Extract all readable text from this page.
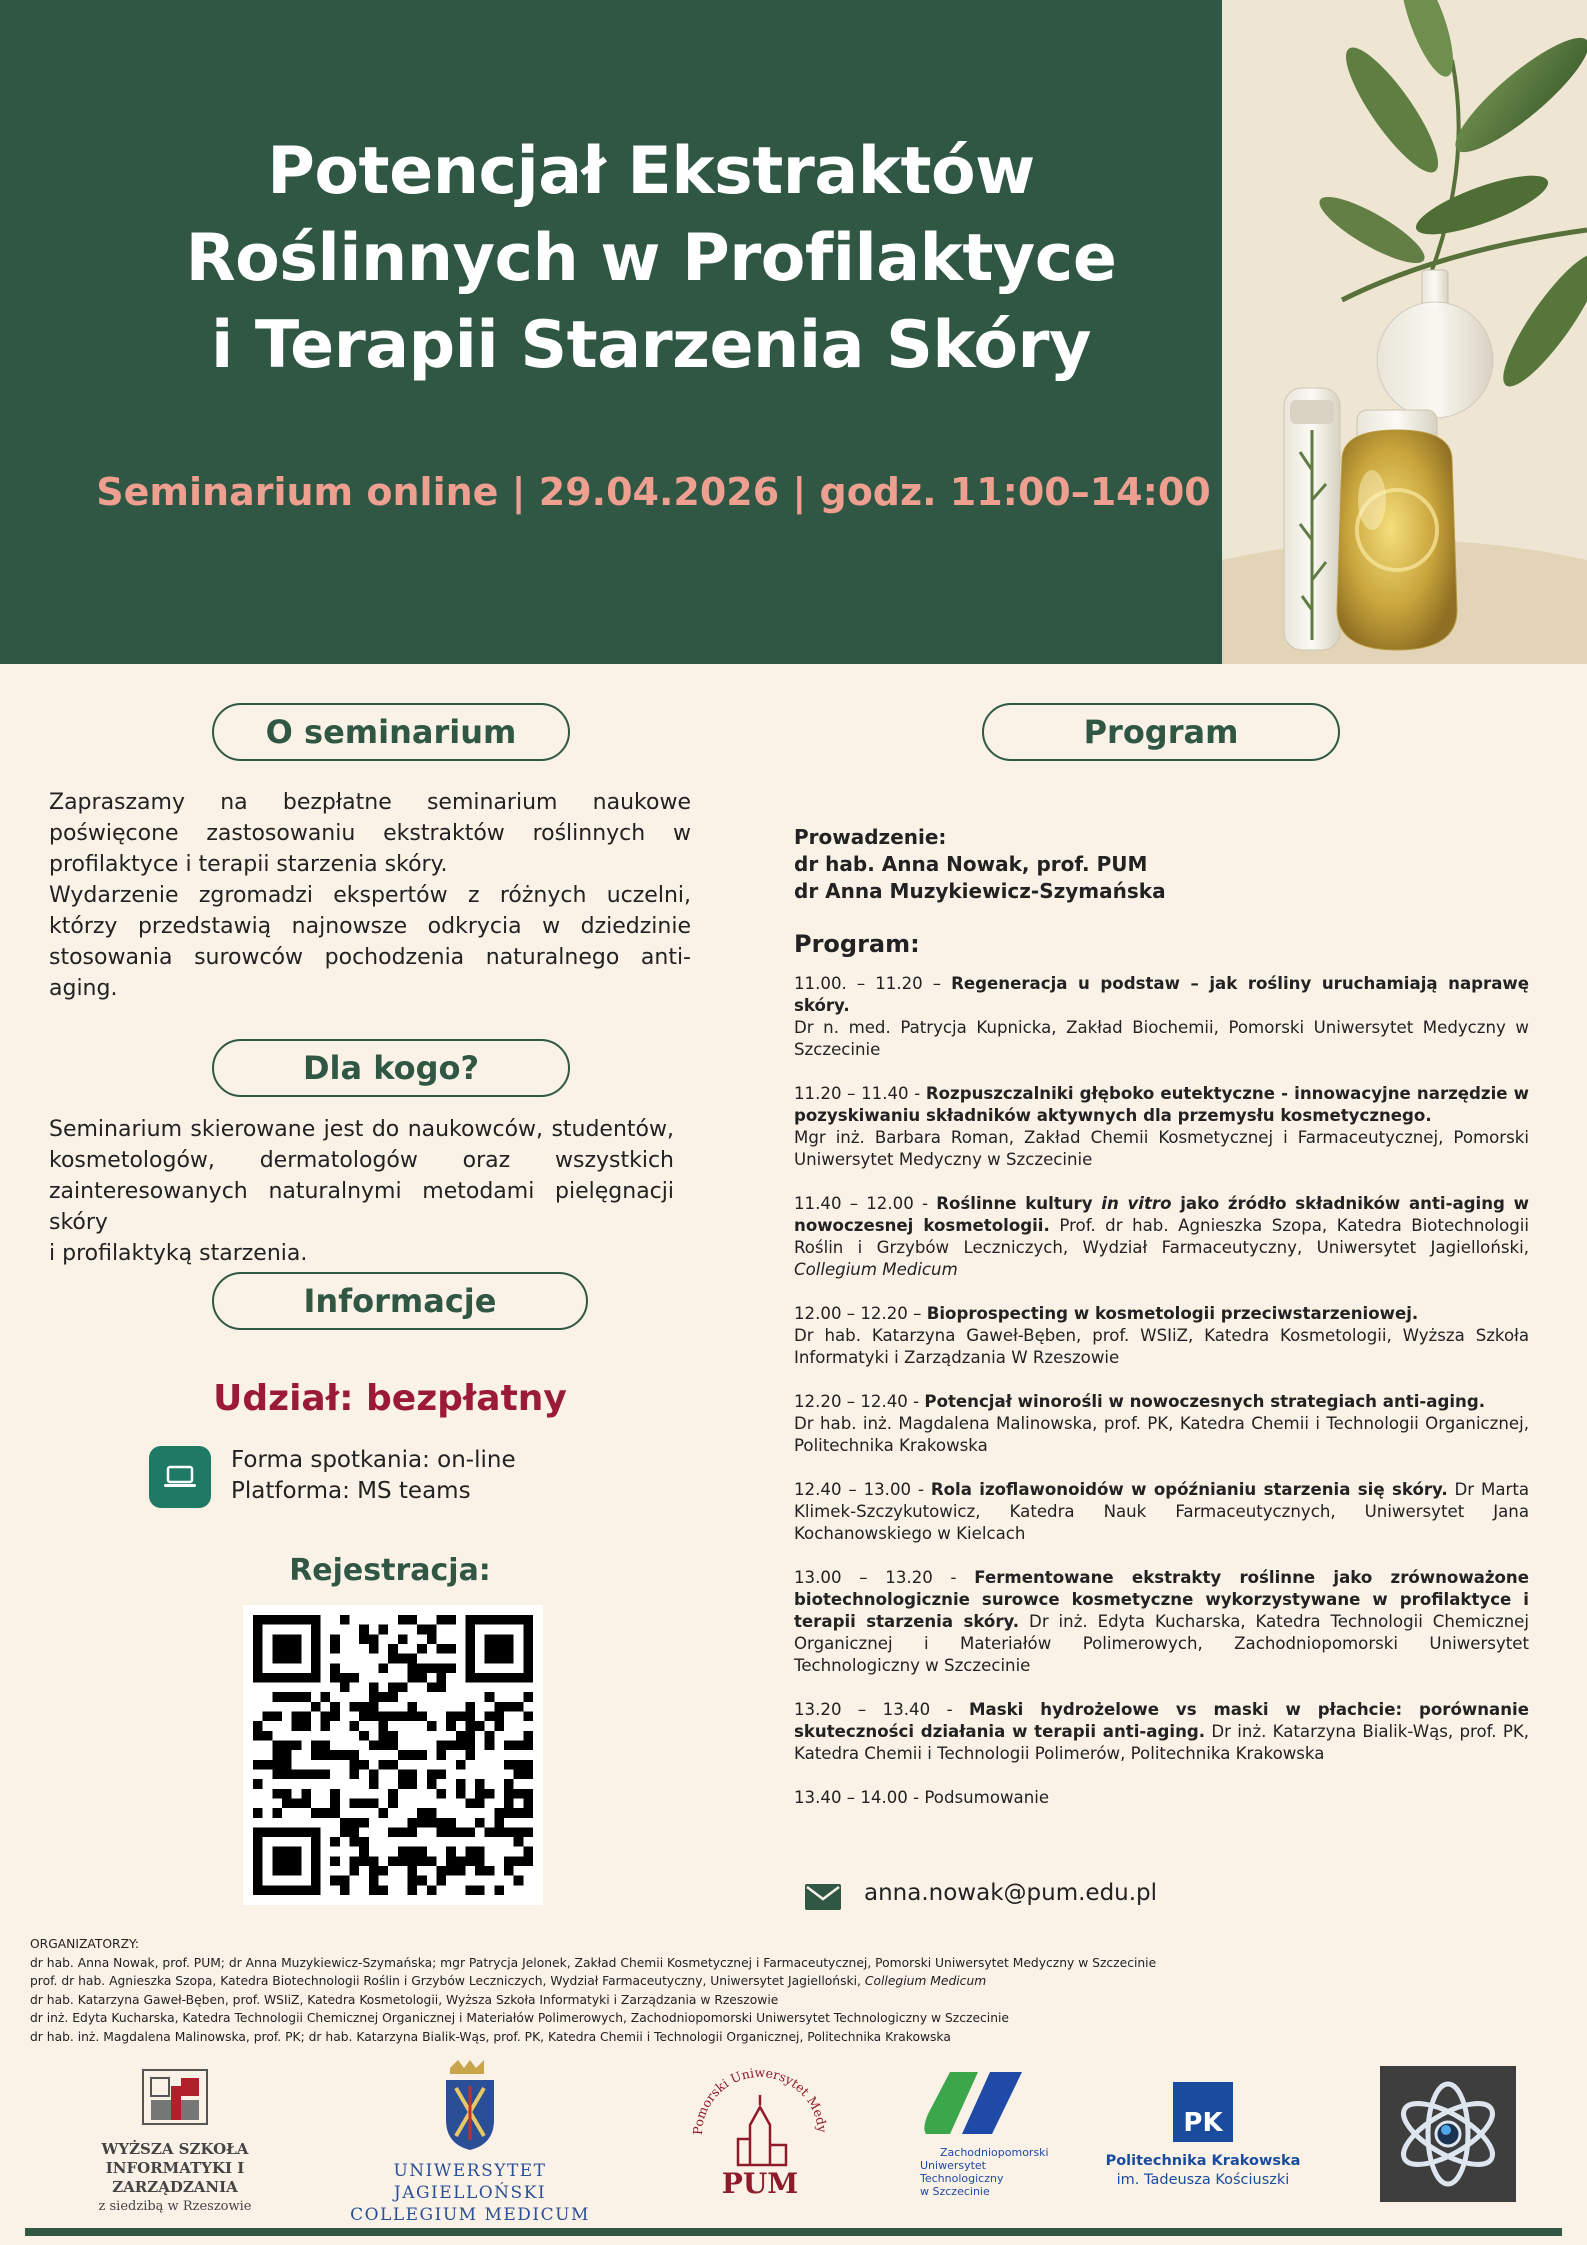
Potencjał Ekstraktów
Roślinnych w Profilaktyce
i Terapii Starzenia Skóry
Seminarium online | 29.04.2026 | godz. 11:00–14:00
O seminarium

Zapraszamy na bezpłatne seminarium naukowe poświęcone zastosowaniu ekstraktów roślinnych w profilaktyce i terapii starzenia skóry.

Wydarzenie zgromadzi ekspertów z różnych uczelni, którzy przedstawią najnowsze odkrycia w dziedzinie stosowania surowców pochodzenia naturalnego anti-aging.

Dla kogo?

Seminarium skierowane jest do naukowców, studentów, kosmetologów, dermatologów oraz wszystkich zainteresowanych naturalnymi metodami pielęgnacji skóry

i profilaktyką starzenia.

Informacje
Udział: bezpłatny
Forma spotkania: on-line
Platforma: MS teams
Rejestracja:
Program
Prowadzenie:
dr hab. Anna Nowak, prof. PUM
dr Anna Muzykiewicz-Szymańska
Program:
11.00. – 11.20 – Regeneracja u podstaw – jak rośliny uruchamiają naprawę skóry.
Dr n. med. Patrycja Kupnicka, Zakład Biochemii, Pomorski Uniwersytet Medyczny w Szczecinie
11.20 – 11.40 - Rozpuszczalniki głęboko eutektyczne - innowacyjne narzędzie w pozyskiwaniu składników aktywnych dla przemysłu kosmetycznego.
Mgr inż. Barbara Roman, Zakład Chemii Kosmetycznej i Farmaceutycznej, Pomorski Uniwersytet Medyczny w Szczecinie
11.40 – 12.00 - Roślinne kultury in vitro jako źródło składników anti-aging w nowoczesnej kosmetologii. Prof. dr hab. Agnieszka Szopa, Katedra Biotechnologii Roślin i Grzybów Leczniczych, Wydział Farmaceutyczny, Uniwersytet Jagielloński, Collegium Medicum
12.00 – 12.20 – Bioprospecting w kosmetologii przeciwstarzeniowej.
Dr hab. Katarzyna Gaweł-Bęben, prof. WSIiZ, Katedra Kosmetologii, Wyższa Szkoła Informatyki i Zarządzania W Rzeszowie
12.20 – 12.40 - Potencjał winorośli w nowoczesnych strategiach anti-aging.
Dr hab. inż. Magdalena Malinowska, prof. PK, Katedra Chemii i Technologii Organicznej, Politechnika Krakowska
12.40 – 13.00 - Rola izoflawonoidów w opóźnianiu starzenia się skóry. Dr Marta Klimek-Szczykutowicz, Katedra Nauk Farmaceutycznych, Uniwersytet Jana Kochanowskiego w Kielcach
13.00 – 13.20 - Fermentowane ekstrakty roślinne jako zrównoważone biotechnologicznie surowce kosmetyczne wykorzystywane w profilaktyce i terapii starzenia skóry. Dr inż. Edyta Kucharska, Katedra Technologii Chemicznej Organicznej i Materiałów Polimerowych, Zachodniopomorski Uniwersytet Technologiczny w Szczecinie
13.20 – 13.40 - Maski hydrożelowe vs maski w płachcie: porównanie skuteczności działania w terapii anti-aging. Dr inż. Katarzyna Bialik-Wąs, prof. PK, Katedra Chemii i Technologii Polimerów, Politechnika Krakowska
13.40 – 14.00 - Podsumowanie
anna.nowak@pum.edu.pl
ORGANIZATORZY:
dr hab. Anna Nowak, prof. PUM; dr Anna Muzykiewicz-Szymańska; mgr Patrycja Jelonek, Zakład Chemii Kosmetycznej i Farmaceutycznej, Pomorski Uniwersytet Medyczny w Szczecinie
prof. dr hab. Agnieszka Szopa, Katedra Biotechnologii Roślin i Grzybów Leczniczych, Wydział Farmaceutyczny, Uniwersytet Jagielloński, Collegium Medicum
dr hab. Katarzyna Gaweł-Bęben, prof. WSIiZ, Katedra Kosmetologii, Wyższa Szkoła Informatyki i Zarządzania w Rzeszowie
dr inż. Edyta Kucharska, Katedra Technologii Chemicznej Organicznej i Materiałów Polimerowych, Zachodniopomorski Uniwersytet Technologiczny w Szczecinie
dr hab. inż. Magdalena Malinowska, prof. PK; dr hab. Katarzyna Bialik-Wąs, prof. PK, Katedra Chemii i Technologii Organicznej, Politechnika Krakowska
WYŻSZA SZKOŁA
INFORMATYKI I ZARZĄDZANIA
z siedzibą w Rzeszowie
UNIWERSYTET JAGIELLOŃSKI
COLLEGIUM MEDICUM
Pomorski Uniwersytet Medy
PUM
Zachodniopomorski
Uniwersytet
Technologiczny
w Szczecinie
PK
Politechnika Krakowska
im. Tadeusza Kościuszki
